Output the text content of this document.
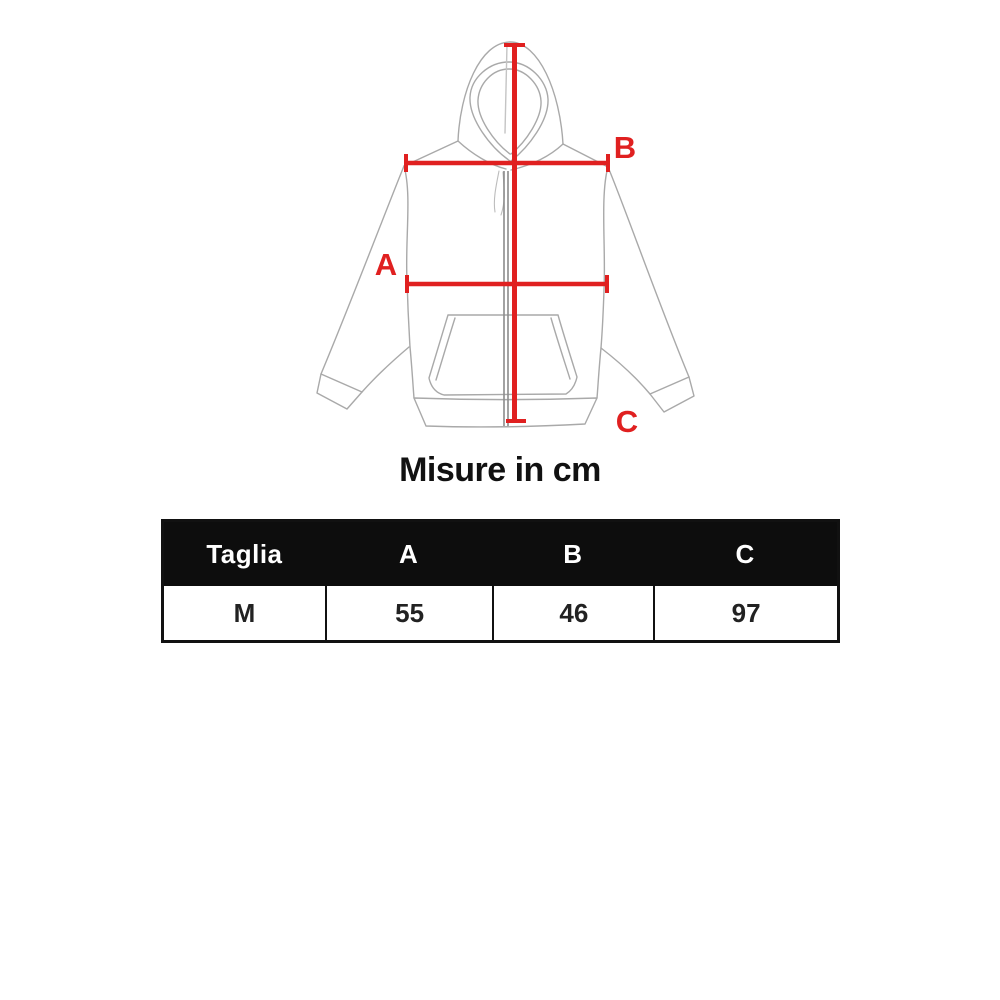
A
B
C
Misure in cm
Taglia	A	B	C
M	55	46	97
